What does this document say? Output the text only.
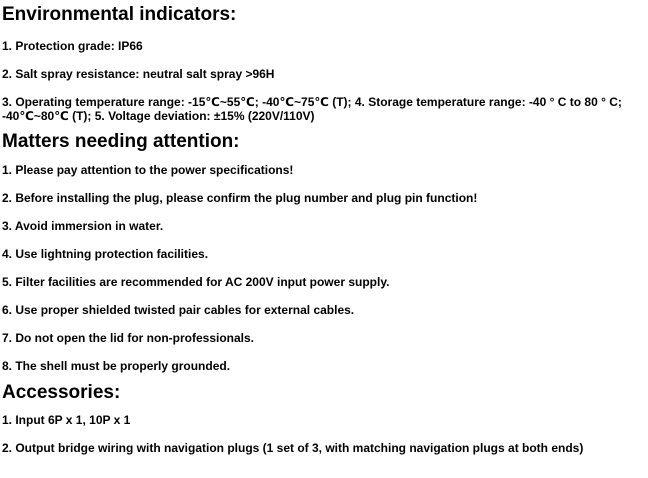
Environmental indicators:

1. Protection grade: IP66

2. Salt spray resistance: neutral salt spray >96H

3. Operating temperature range: -15℃~55℃; -40℃~75℃ (T); 4. Storage temperature range: -40 ° C to 80 ° C; -40℃~80℃ (T); 5. Voltage deviation: ±15% (220V/110V)

Matters needing attention:

1. Please pay attention to the power specifications!

2. Before installing the plug, please confirm the plug number and plug pin function!

3. Avoid immersion in water.

4. Use lightning protection facilities.

5. Filter facilities are recommended for AC 200V input power supply.

6. Use proper shielded twisted pair cables for external cables.

7. Do not open the lid for non-professionals.

8. The shell must be properly grounded.

Accessories:

1. Input 6P x 1, 10P x 1

2. Output bridge wiring with navigation plugs (1 set of 3, with matching navigation plugs at both ends)
